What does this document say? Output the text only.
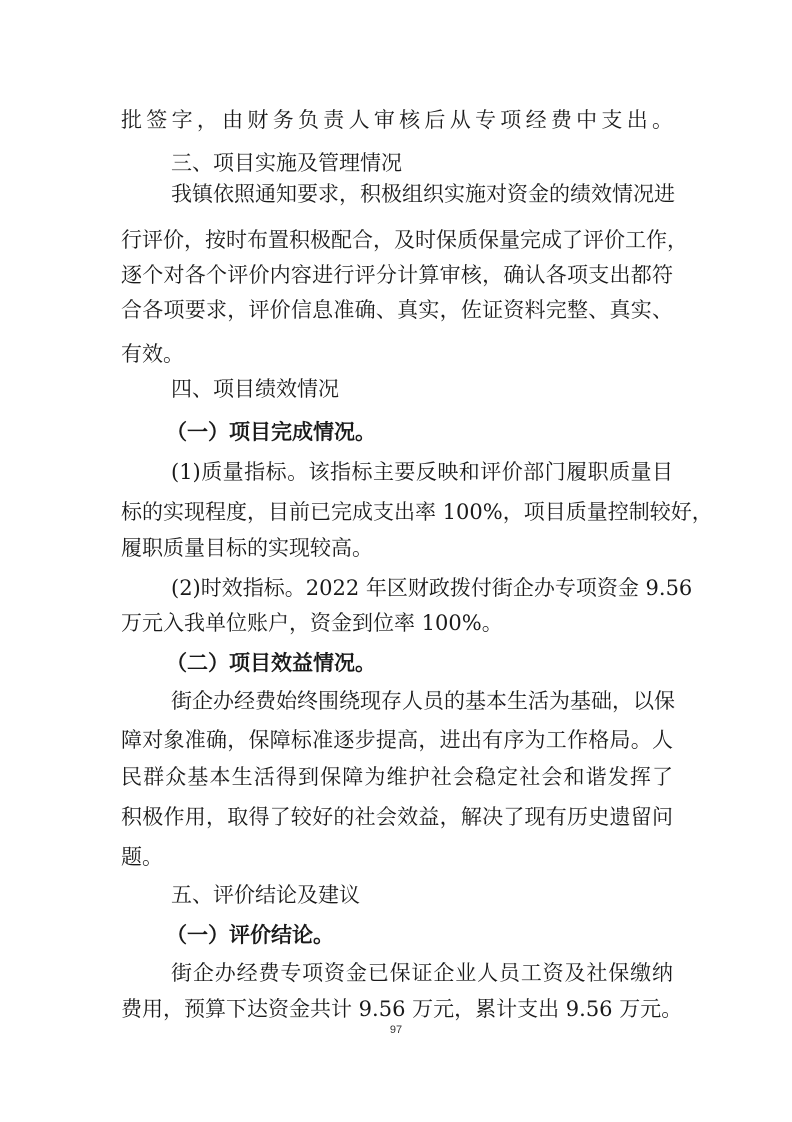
批签字，由财务负责人审核后从专项经费中支出。

三、项目实施及管理情况

我镇依照通知要求，积极组织实施对资金的绩效情况进

行评价，按时布置积极配合，及时保质保量完成了评价工作，

逐个对各个评价内容进行评分计算审核，确认各项支出都符

合各项要求，评价信息准确、真实，佐证资料完整、真实、

有效。

四、项目绩效情况

（一）项目完成情况。

(1)质量指标。该指标主要反映和评价部门履职质量目

标的实现程度，目前已完成支出率 100%，项目质量控制较好，

履职质量目标的实现较高。

(2)时效指标。2022 年区财政拨付街企办专项资金 9.56

万元入我单位账户，资金到位率 100%。

（二）项目效益情况。

街企办经费始终围绕现存人员的基本生活为基础，以保

障对象准确，保障标准逐步提高，进出有序为工作格局。人

民群众基本生活得到保障为维护社会稳定社会和谐发挥了

积极作用，取得了较好的社会效益，解决了现有历史遗留问

题。

五、评价结论及建议

（一）评价结论。

街企办经费专项资金已保证企业人员工资及社保缴纳

费用，预算下达资金共计 9.56 万元，累计支出 9.56 万元。

97
